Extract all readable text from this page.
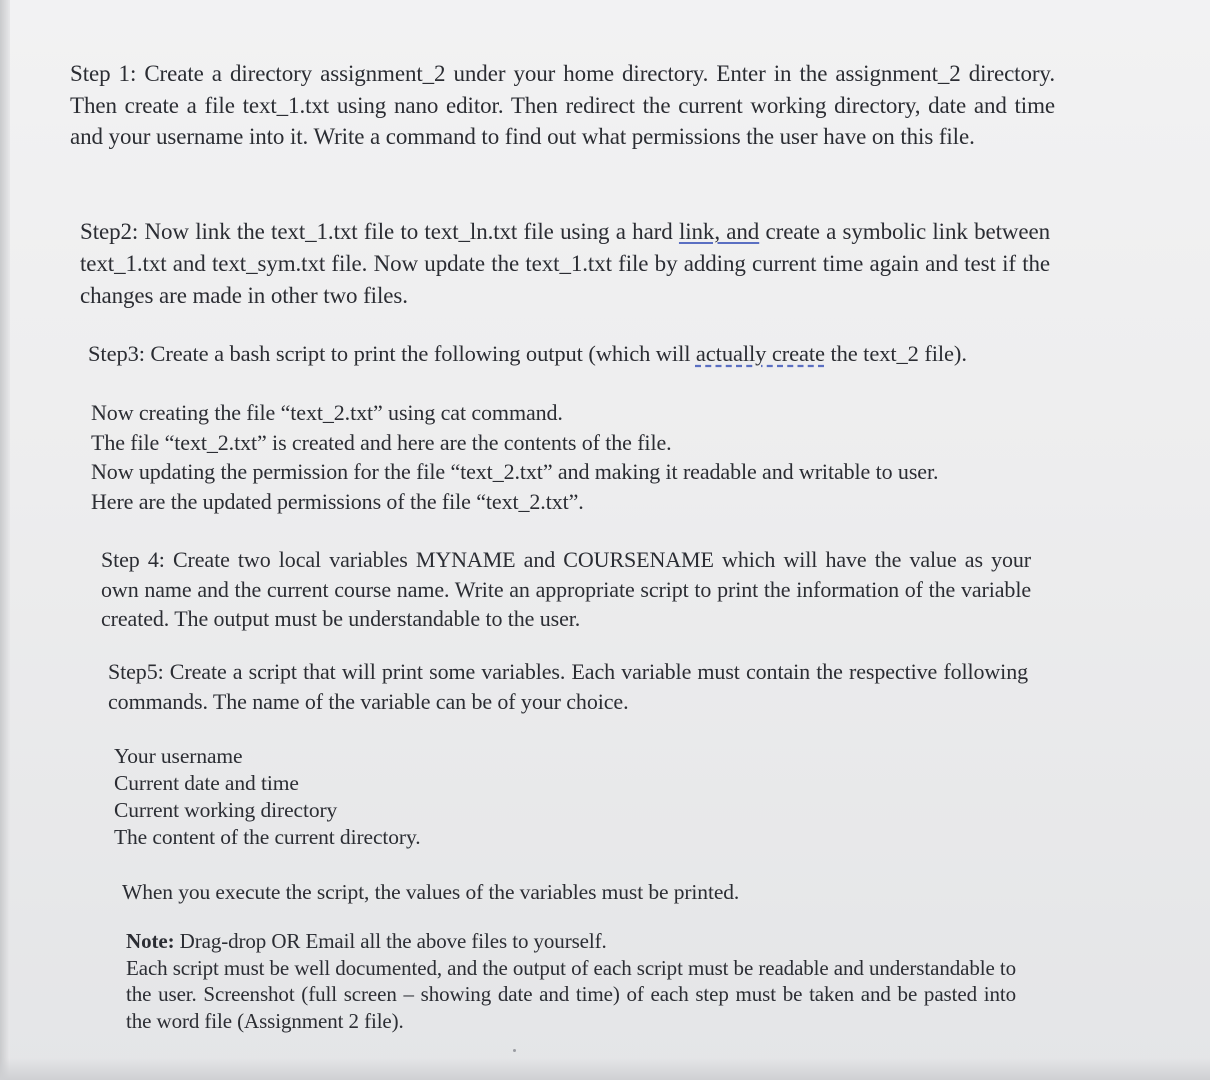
Step 1: Create a directory assignment_2 under your home directory. Enter in the assignment_2 directory. Then create a file text_1.txt using nano editor. Then redirect the current working directory, date and time and your username into it. Write a command to find out what permissions the user have on this file.

Step2: Now link the text_1.txt file to text_ln.txt file using a hard link, and create a symbolic link between text_1.txt and text_sym.txt file. Now update the text_1.txt file by adding current time again and test if the changes are made in other two files.

Step3: Create a bash script to print the following output (which will actually create the text_2 file).

Now creating the file “text_2.txt” using cat command.

The file “text_2.txt” is created and here are the contents of the file.

Now updating the permission for the file “text_2.txt” and making it readable and writable to user.

Here are the updated permissions of the file “text_2.txt”.

Step 4: Create two local variables MYNAME and COURSENAME which will have the value as your own name and the current course name. Write an appropriate script to print the information of the variable created. The output must be understandable to the user.

Step5: Create a script that will print some variables. Each variable must contain the respective following commands. The name of the variable can be of your choice.

Your username

Current date and time

Current working directory

The content of the current directory.

When you execute the script, the values of the variables must be printed.

Note: Drag-drop OR Email all the above files to yourself.

Each script must be well documented, and the output of each script must be readable and understandable to the user. Screenshot (full screen – showing date and time) of each step must be taken and be pasted into the word file (Assignment 2 file).
